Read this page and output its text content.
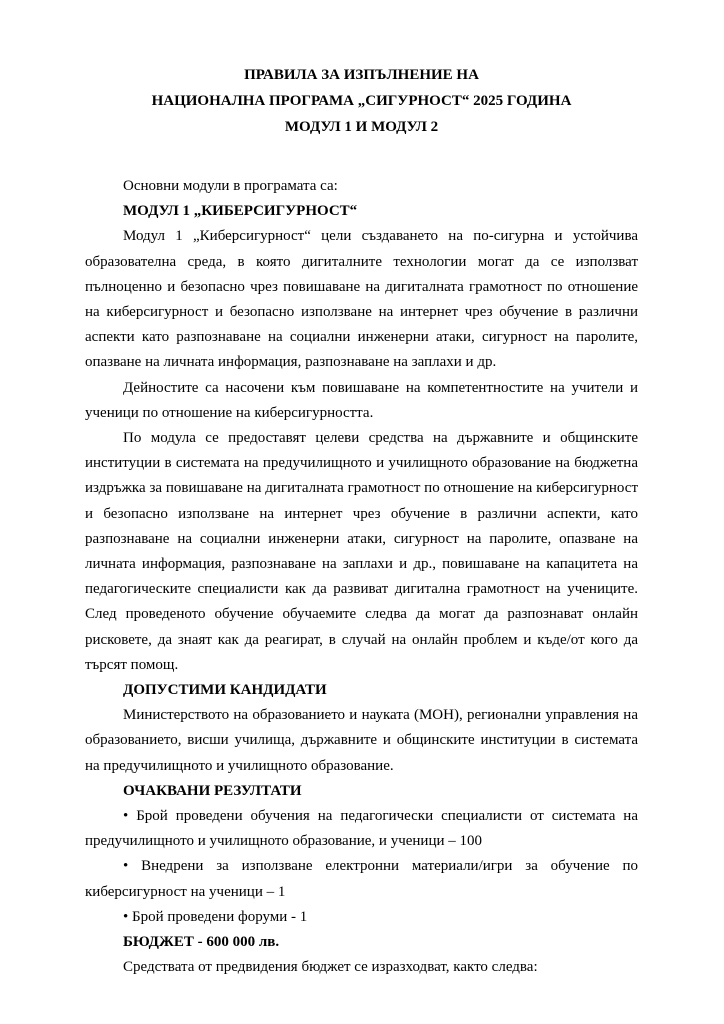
ПРАВИЛА ЗА ИЗПЪЛНЕНИЕ НА

НАЦИОНАЛНА ПРОГРАМА „СИГУРНОСТ“ 2025 ГОДИНА

МОДУЛ 1 И МОДУЛ 2

Основни модули в програмата са:

МОДУЛ 1 „КИБЕРСИГУРНОСТ“

Модул 1 „Киберсигурност“ цели създаването на по-сигурна и устойчива образователна среда, в която дигиталните технологии могат да се използват пълноценно и безопасно чрез повишаване на дигиталната грамотност по отношение на киберсигурност и безопасно използване на интернет чрез обучение в различни аспекти като разпознаване на социални инженерни атаки, сигурност на паролите, опазване на личната информация, разпознаване на заплахи и др.

Дейностите са насочени към повишаване на компетентностите на учители и ученици по отношение на киберсигурността.

По модула се предоставят целеви средства на държавните и общинските институции в системата на предучилищното и училищното образование на бюджетна издръжка за повишаване на дигиталната грамотност по отношение на киберсигурност и безопасно използване на интернет чрез обучение в различни аспекти, като разпознаване на социални инженерни атаки, сигурност на паролите, опазване на личната информация, разпознаване на заплахи и др., повишаване на капацитета на педагогическите специалисти как да развиват дигитална грамотност на учениците. След проведеното обучение обучаемите следва да могат да разпознават онлайн рисковете, да знаят как да реагират, в случай на онлайн проблем и къде/от кого да търсят помощ.

ДОПУСТИМИ КАНДИДАТИ

Министерството на образованието и науката (МОН), регионални управления на образованието, висши училища, държавните и общинските институции в системата на предучилищното и училищното образование.

ОЧАКВАНИ РЕЗУЛТАТИ

• Брой проведени обучения на педагогически специалисти от системата на предучилищното и училищното образование, и ученици – 100

• Внедрени за използване електронни материали/игри за обучение по киберсигурност на ученици – 1

• Брой проведени форуми - 1

БЮДЖЕТ - 600 000 лв.

Средствата от предвидения бюджет се изразходват, както следва:
